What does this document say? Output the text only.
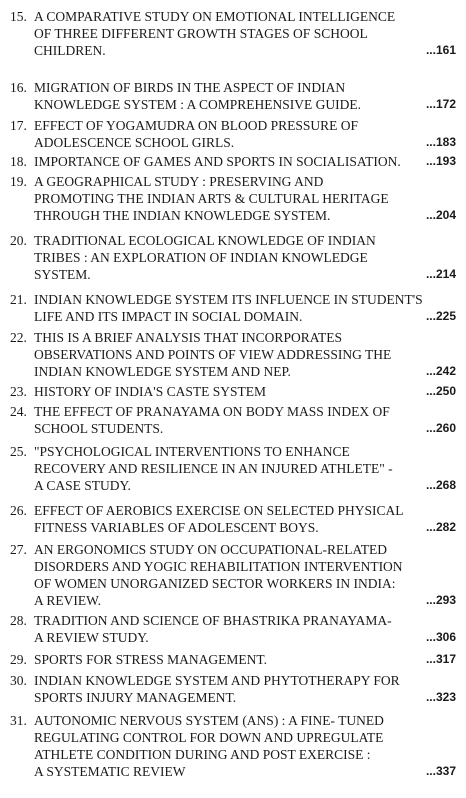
15. A COMPARATIVE STUDY ON EMOTIONAL INTELLIGENCE
OF THREE DIFFERENT GROWTH STAGES OF SCHOOL
CHILDREN.	...161
16. MIGRATION OF BIRDS IN THE ASPECT OF INDIAN
KNOWLEDGE SYSTEM : A COMPREHENSIVE GUIDE.	...172
17. EFFECT OF YOGAMUDRA ON BLOOD PRESSURE OF
ADOLESCENCE SCHOOL GIRLS.	...183
18. IMPORTANCE OF GAMES AND SPORTS IN SOCIALISATION.	...193
19. A GEOGRAPHICAL STUDY : PRESERVING AND
PROMOTING THE INDIAN ARTS & CULTURAL HERITAGE
THROUGH THE INDIAN KNOWLEDGE SYSTEM.	...204
20. TRADITIONAL ECOLOGICAL KNOWLEDGE OF INDIAN
TRIBES : AN EXPLORATION OF INDIAN KNOWLEDGE
SYSTEM.	...214
21. INDIAN KNOWLEDGE SYSTEM ITS INFLUENCE IN STUDENT'S
LIFE AND ITS IMPACT IN SOCIAL DOMAIN.	...225
22. THIS IS A BRIEF ANALYSIS THAT INCORPORATES
OBSERVATIONS AND POINTS OF VIEW ADDRESSING THE
INDIAN KNOWLEDGE SYSTEM AND NEP.	...242
23. HISTORY OF INDIA'S CASTE SYSTEM	...250
24. THE EFFECT OF PRANAYAMA ON BODY MASS INDEX OF
SCHOOL STUDENTS.	...260
25. "PSYCHOLOGICAL INTERVENTIONS TO ENHANCE
RECOVERY AND RESILIENCE IN AN INJURED ATHLETE" -
A CASE STUDY.	...268
26. EFFECT OF AEROBICS EXERCISE ON SELECTED PHYSICAL
FITNESS VARIABLES OF ADOLESCENT BOYS.	...282
27. AN ERGONOMICS STUDY ON OCCUPATIONAL-RELATED
DISORDERS AND YOGIC REHABILITATION INTERVENTION
OF WOMEN UNORGANIZED SECTOR WORKERS IN INDIA:
A REVIEW.	...293
28. TRADITION AND SCIENCE OF BHASTRIKA PRANAYAMA-
A REVIEW STUDY.	...306
29. SPORTS FOR STRESS MANAGEMENT.	...317
30. INDIAN KNOWLEDGE SYSTEM AND PHYTOTHERAPY FOR
SPORTS INJURY MANAGEMENT.	...323
31. AUTONOMIC NERVOUS SYSTEM (ANS) : A FINE- TUNED
REGULATING CONTROL FOR DOWN AND UPREGULATE
ATHLETE CONDITION DURING AND POST EXERCISE :
A SYSTEMATIC REVIEW	...337
